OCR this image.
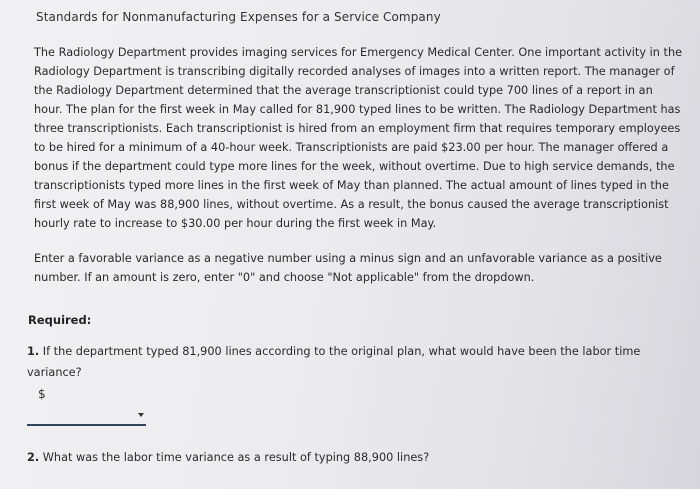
Standards for Nonmanufacturing Expenses for a Service Company

The Radiology Department provides imaging services for Emergency Medical Center. One important activity in the Radiology Department is transcribing digitally recorded analyses of images into a written report. The manager of the Radiology Department determined that the average transcriptionist could type 700 lines of a report in an hour. The plan for the first week in May called for 81,900 typed lines to be written. The Radiology Department has three transcriptionists. Each transcriptionist is hired from an employment firm that requires temporary employees to be hired for a minimum of a 40-hour week. Transcriptionists are paid $23.00 per hour. The manager offered a bonus if the department could type more lines for the week, without overtime. Due to high service demands, the transcriptionists typed more lines in the first week of May than planned. The actual amount of lines typed in the first week of May was 88,900 lines, without overtime. As a result, the bonus caused the average transcriptionist hourly rate to increase to $30.00 per hour during the first week in May.

Enter a favorable variance as a negative number using a minus sign and an unfavorable variance as a positive number. If an amount is zero, enter "0" and choose "Not applicable" from the dropdown.

Required:
1. If the department typed 81,900 lines according to the original plan, what would have been the labor time variance?
$
2. What was the labor time variance as a result of typing 88,900 lines?
